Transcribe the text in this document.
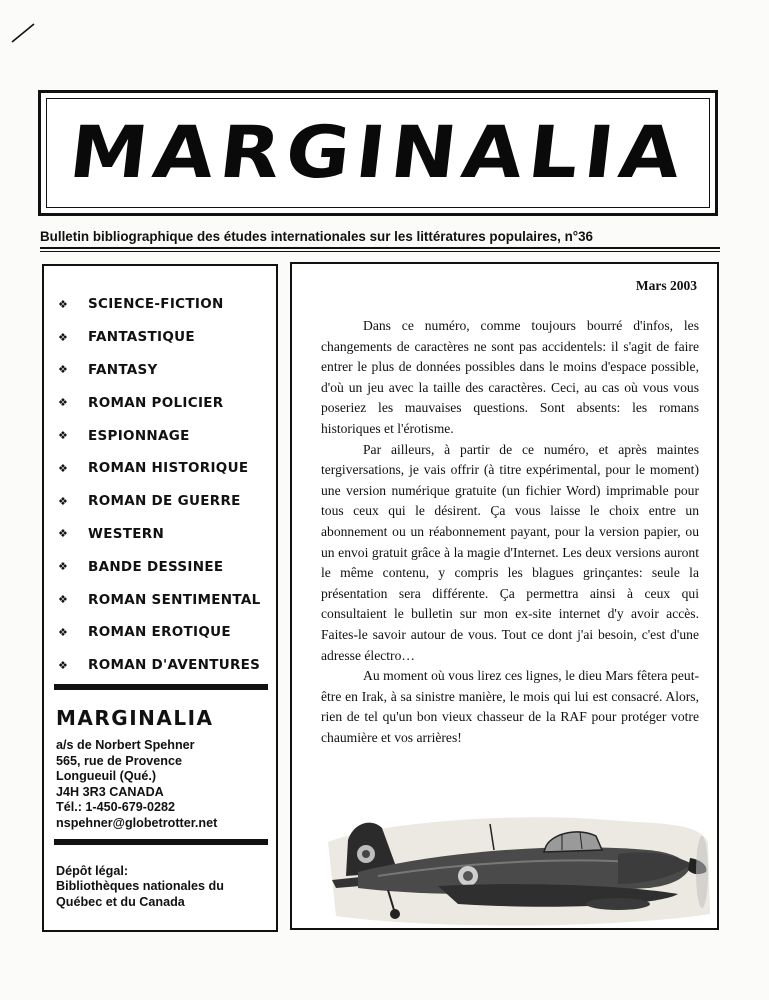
MARGINALIA
Bulletin bibliographique des études internationales sur les littératures populaires, n°36
❖	SCIENCE-FICTION
❖	FANTASTIQUE
❖	FANTASY
❖	ROMAN POLICIER
❖	ESPIONNAGE
❖	ROMAN HISTORIQUE
❖	ROMAN DE GUERRE
❖	WESTERN
❖	BANDE DESSINEE
❖	ROMAN SENTIMENTAL
❖	ROMAN EROTIQUE
❖	ROMAN D'AVENTURES
MARGINALIA
a/s de Norbert Spehner
565, rue de Provence
Longueuil (Qué.)
J4H 3R3 CANADA
Tél.: 1-450-679-0282
nspehner@globetrotter.net
Dépôt légal:
Bibliothèques nationales du
Québec et du Canada
Mars 2003

Dans ce numéro, comme toujours bourré d'infos, les changements de caractères ne sont pas accidentels: il s'agit de faire entrer le plus de données possibles dans le moins d'espace possible, d'où un jeu avec la taille des caractères. Ceci, au cas où vous vous poseriez les mauvaises questions. Sont absents: les romans historiques et l'érotisme.

Par ailleurs, à partir de ce numéro, et après maintes tergiversations, je vais offrir (à titre expérimental, pour le moment) une version numérique gratuite (un fichier Word) imprimable pour tous ceux qui le désirent. Ça vous laisse le choix entre un abonnement ou un réabonnement payant, pour la version papier, ou un envoi gratuit grâce à la magie d'Internet. Les deux versions auront le même contenu, y compris les blagues grinçantes: seule la présentation sera différente. Ça permettra ainsi à ceux qui consultaient le bulletin sur mon ex-site internet d'y avoir accès. Faites-le savoir autour de vous. Tout ce dont j'ai besoin, c'est d'une adresse électro…

Au moment où vous lirez ces lignes, le dieu Mars fêtera peut-être en Irak, à sa sinistre manière, le mois qui lui est consacré. Alors, rien de tel qu'un bon vieux chasseur de la RAF pour protéger votre chaumière et vos arrières!
